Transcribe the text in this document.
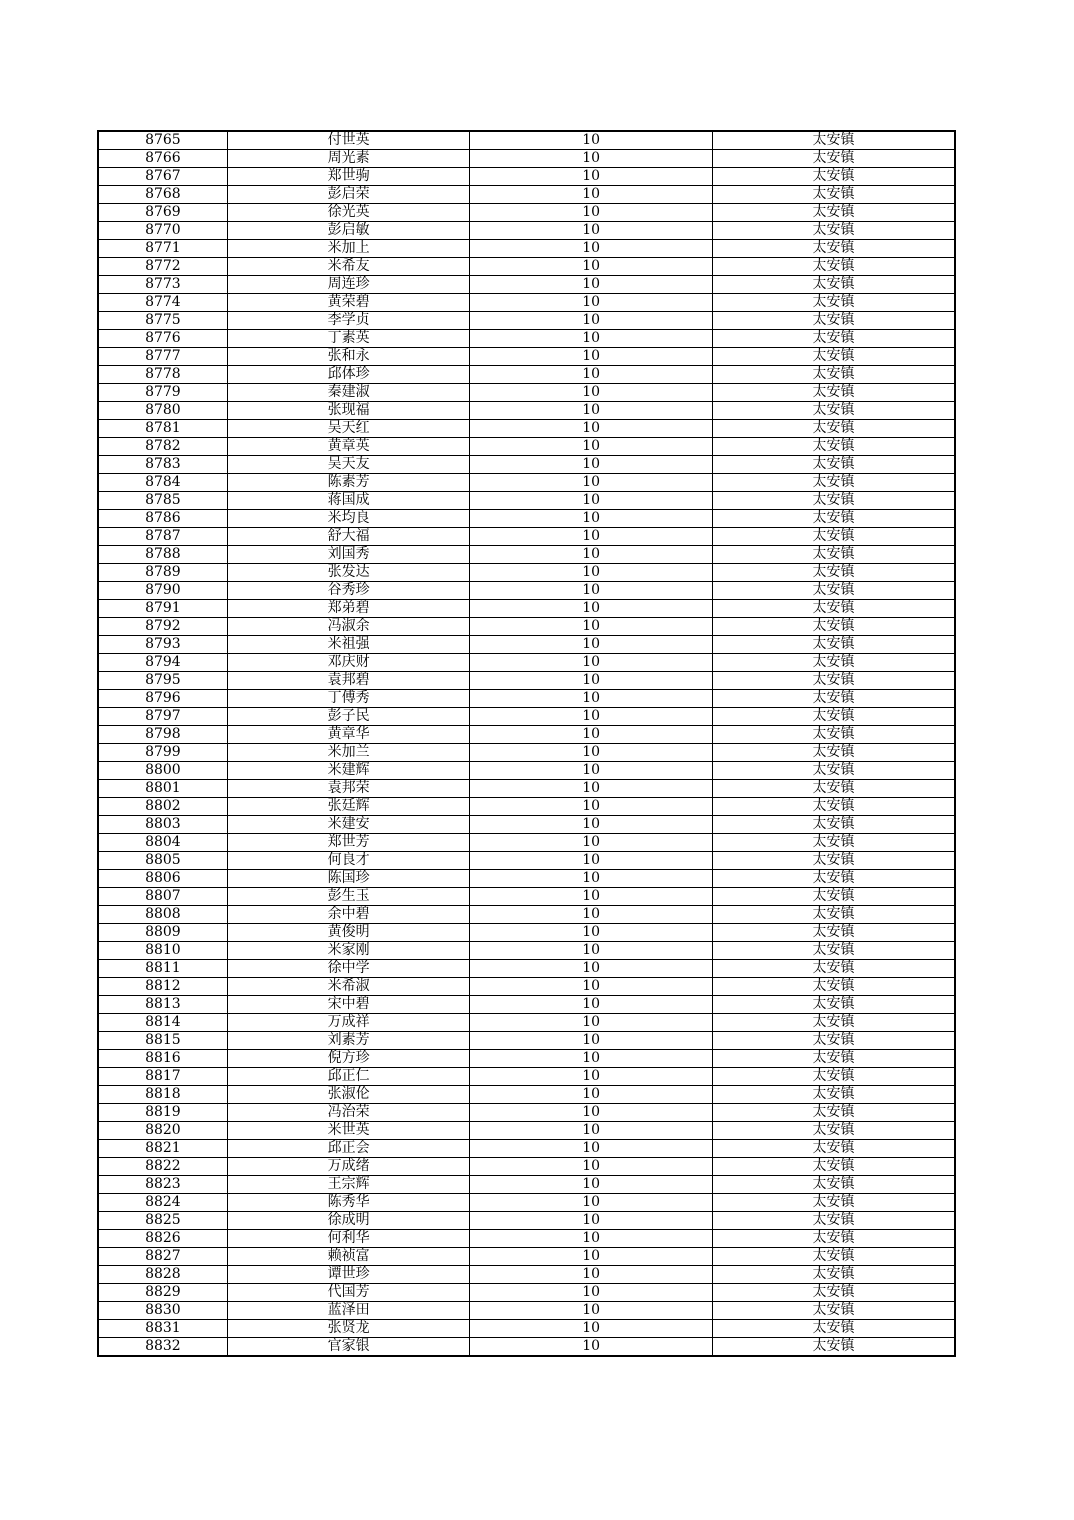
8765	付世英	10	太安镇
8766	周光素	10	太安镇
8767	郑世驹	10	太安镇
8768	彭启荣	10	太安镇
8769	徐光英	10	太安镇
8770	彭启敏	10	太安镇
8771	米加上	10	太安镇
8772	米希友	10	太安镇
8773	周连珍	10	太安镇
8774	黄荣碧	10	太安镇
8775	李学贞	10	太安镇
8776	丁素英	10	太安镇
8777	张和永	10	太安镇
8778	邱体珍	10	太安镇
8779	秦建淑	10	太安镇
8780	张现福	10	太安镇
8781	吴天红	10	太安镇
8782	黄章英	10	太安镇
8783	吴天友	10	太安镇
8784	陈素芳	10	太安镇
8785	蒋国成	10	太安镇
8786	米均良	10	太安镇
8787	舒大福	10	太安镇
8788	刘国秀	10	太安镇
8789	张发达	10	太安镇
8790	谷秀珍	10	太安镇
8791	郑弟碧	10	太安镇
8792	冯淑余	10	太安镇
8793	米祖强	10	太安镇
8794	邓庆财	10	太安镇
8795	袁邦碧	10	太安镇
8796	丁傅秀	10	太安镇
8797	彭子民	10	太安镇
8798	黄章华	10	太安镇
8799	米加兰	10	太安镇
8800	米建辉	10	太安镇
8801	袁邦荣	10	太安镇
8802	张廷辉	10	太安镇
8803	米建安	10	太安镇
8804	郑世芳	10	太安镇
8805	何良才	10	太安镇
8806	陈国珍	10	太安镇
8807	彭生玉	10	太安镇
8808	余中碧	10	太安镇
8809	黄俊明	10	太安镇
8810	米家刚	10	太安镇
8811	徐中学	10	太安镇
8812	米希淑	10	太安镇
8813	宋中碧	10	太安镇
8814	万成祥	10	太安镇
8815	刘素芳	10	太安镇
8816	倪方珍	10	太安镇
8817	邱正仁	10	太安镇
8818	张淑伦	10	太安镇
8819	冯治荣	10	太安镇
8820	米世英	10	太安镇
8821	邱正会	10	太安镇
8822	万成绪	10	太安镇
8823	王宗辉	10	太安镇
8824	陈秀华	10	太安镇
8825	徐成明	10	太安镇
8826	何利华	10	太安镇
8827	赖祯富	10	太安镇
8828	谭世珍	10	太安镇
8829	代国芳	10	太安镇
8830	蓝泽田	10	太安镇
8831	张贤龙	10	太安镇
8832	官家银	10	太安镇
